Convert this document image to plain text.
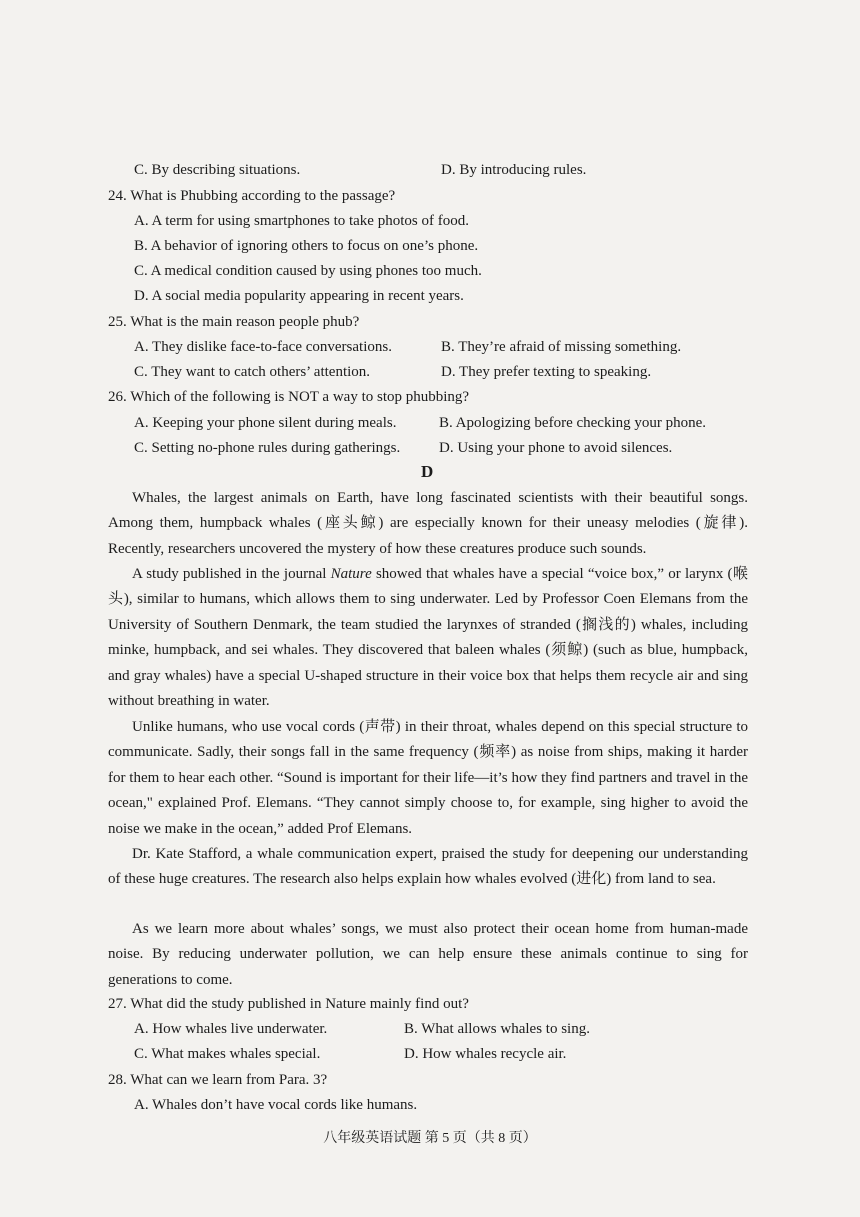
C. By describing situations.	D. By introducing rules.
24. What is Phubbing according to the passage?
A. A term for using smartphones to take photos of food.
B. A behavior of ignoring others to focus on one’s phone.
C. A medical condition caused by using phones too much.
D. A social media popularity appearing in recent years.
25. What is the main reason people phub?
A. They dislike face-to-face conversations.	B. They’re afraid of missing something.
C. They want to catch others’ attention.	D. They prefer texting to speaking.
26. Which of the following is NOT a way to stop phubbing?
A. Keeping your phone silent during meals.	B. Apologizing before checking your phone.
C. Setting no-phone rules during gatherings.	D. Using your phone to avoid silences.
D
Whales, the largest animals on Earth, have long fascinated scientists with their beautiful songs. Among them, humpback whales (座头鲸) are especially known for their uneasy melodies (旋律). Recently, researchers uncovered the mystery of how these creatures produce such sounds.
A study published in the journal Nature showed that whales have a special “voice box,” or larynx (喉头), similar to humans, which allows them to sing underwater. Led by Professor Coen Elemans from the University of Southern Denmark, the team studied the larynxes of stranded (搁浅的) whales, including minke, humpback, and sei whales. They discovered that baleen whales (须鲸) (such as blue, humpback, and gray whales) have a special U-shaped structure in their voice box that helps them recycle air and sing without breathing in water.
Unlike humans, who use vocal cords (声带) in their throat, whales depend on this special structure to communicate. Sadly, their songs fall in the same frequency (频率) as noise from ships, making it harder for them to hear each other. “Sound is important for their life—it’s how they find partners and travel in the ocean," explained Prof. Elemans. “They cannot simply choose to, for example, sing higher to avoid the noise we make in the ocean,” added Prof Elemans.
Dr. Kate Stafford, a whale communication expert, praised the study for deepening our understanding of these huge creatures. The research also helps explain how whales evolved (进化) from land to sea.
As we learn more about whales’ songs, we must also protect their ocean home from human-made noise. By reducing underwater pollution, we can help ensure these animals continue to sing for generations to come.
27. What did the study published in Nature mainly find out?
A. How whales live underwater.	B. What allows whales to sing.
C. What makes whales special.	D. How whales recycle air.
28. What can we learn from Para. 3?
A. Whales don’t have vocal cords like humans.
八年级英语试题 第 5 页（共 8 页）
